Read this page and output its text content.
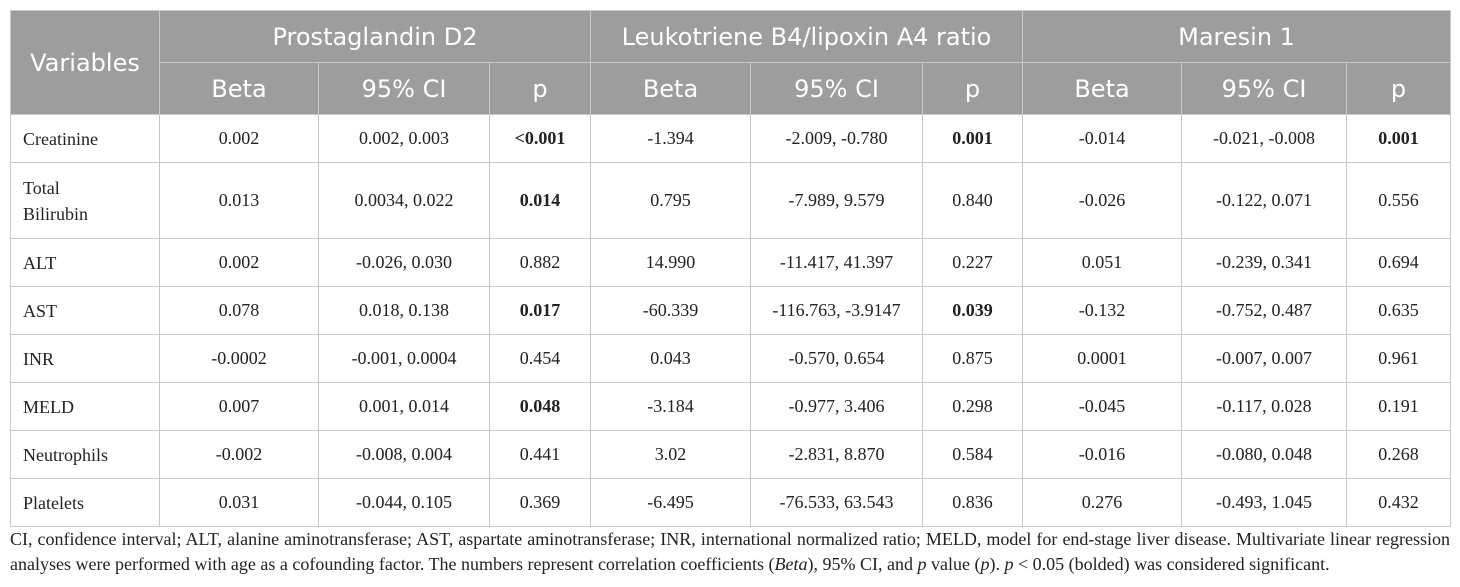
Variables	Prostaglandin D2			Leukotriene B4/lipoxin A4 ratio			Maresin 1		
	Beta	95% CI	p	Beta	95% CI	p	Beta	95% CI	p
Creatinine	0.002	0.002, 0.003	<0.001	-1.394	-2.009, -0.780	0.001	-0.014	-0.021, -0.008	0.001
Total Bilirubin	0.013	0.0034, 0.022	0.014	0.795	-7.989, 9.579	0.840	-0.026	-0.122, 0.071	0.556
ALT	0.002	-0.026, 0.030	0.882	14.990	-11.417, 41.397	0.227	0.051	-0.239, 0.341	0.694
AST	0.078	0.018, 0.138	0.017	-60.339	-116.763, -3.9147	0.039	-0.132	-0.752, 0.487	0.635
INR	-0.0002	-0.001, 0.0004	0.454	0.043	-0.570, 0.654	0.875	0.0001	-0.007, 0.007	0.961
MELD	0.007	0.001, 0.014	0.048	-3.184	-0.977, 3.406	0.298	-0.045	-0.117, 0.028	0.191
Neutrophils	-0.002	-0.008, 0.004	0.441	3.02	-2.831, 8.870	0.584	-0.016	-0.080, 0.048	0.268
Platelets	0.031	-0.044, 0.105	0.369	-6.495	-76.533, 63.543	0.836	0.276	-0.493, 1.045	0.432
CI, confidence interval; ALT, alanine aminotransferase; AST, aspartate aminotransferase; INR, international normalized ratio; MELD, model for end-stage liver disease. Multivariate linear regression analyses were performed with age as a cofounding factor. The numbers represent correlation coefficients (Beta), 95% CI, and p value (p). p < 0.05 (bolded) was considered significant.
